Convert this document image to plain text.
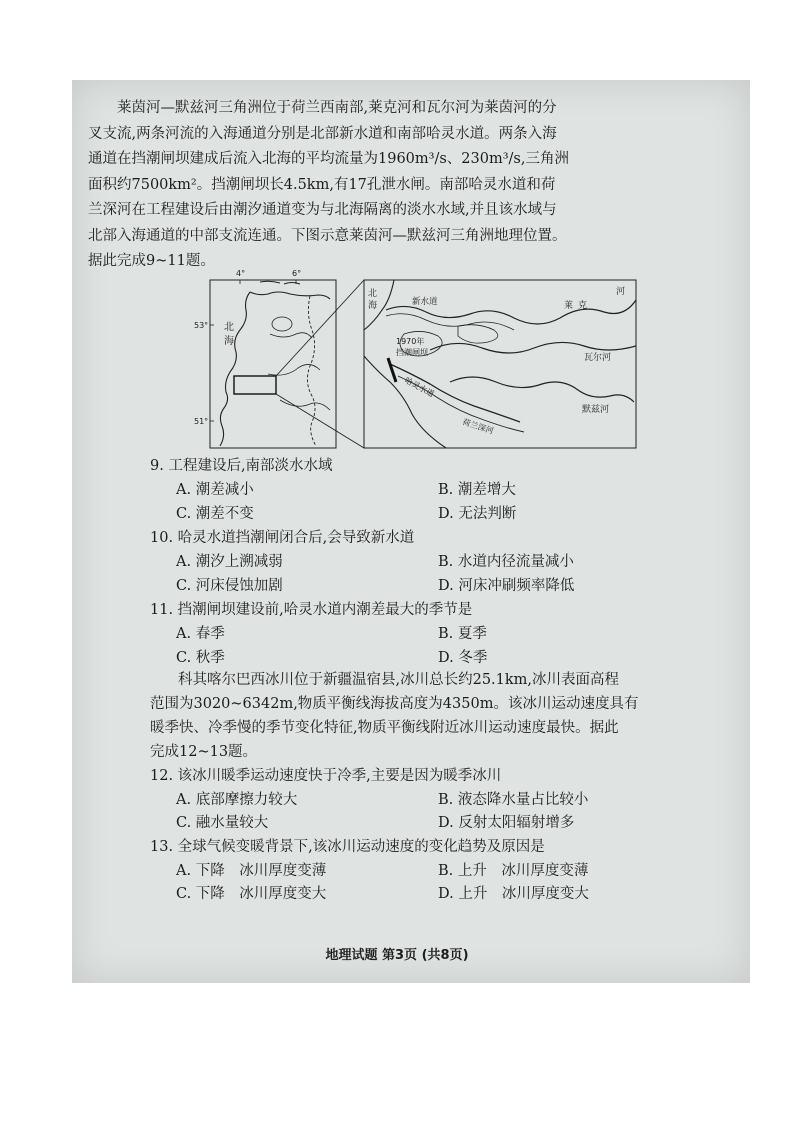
莱茵河—默兹河三角洲位于荷兰西南部,莱克河和瓦尔河为莱茵河的分

叉支流,两条河流的入海通道分别是北部新水道和南部哈灵水道。两条入海

通道在挡潮闸坝建成后流入北海的平均流量为1960m³/s、230m³/s,三角洲

面积约7500km²。挡潮闸坝长4.5km,有17孔泄水闸。南部哈灵水道和荷

兰深河在工程建设后由潮汐通道变为与北海隔离的淡水水域,并且该水域与

北部入海通道的中部支流连通。下图示意莱茵河—默兹河三角洲地理位置。

据此完成9~11题。

53°
51°
4°	6°
北
海
北
海	新水道
1970年
挡潮闸坝
哈灵水道
荷兰深河
莱 克
河
瓦尔河
默兹河
9. 工程建设后,南部淡水水域
A. 潮差减小	B. 潮差增大
C. 潮差不变	D. 无法判断
10. 哈灵水道挡潮闸闭合后,会导致新水道
A. 潮汐上溯减弱	B. 水道内径流量减小
C. 河床侵蚀加剧	D. 河床冲刷频率降低
11. 挡潮闸坝建设前,哈灵水道内潮差最大的季节是
A. 春季	B. 夏季
C. 秋季	D. 冬季

科其喀尔巴西冰川位于新疆温宿县,冰川总长约25.1km,冰川表面高程

范围为3020~6342m,物质平衡线海拔高度为4350m。该冰川运动速度具有

暖季快、冷季慢的季节变化特征,物质平衡线附近冰川运动速度最快。据此

完成12~13题。

12. 该冰川暖季运动速度快于冷季,主要是因为暖季冰川
A. 底部摩擦力较大	B. 液态降水量占比较小
C. 融水量较大	D. 反射太阳辐射增多
13. 全球气候变暖背景下,该冰川运动速度的变化趋势及原因是
A. 下降　冰川厚度变薄	B. 上升　冰川厚度变薄
C. 下降　冰川厚度变大	D. 上升　冰川厚度变大
地理试题 第3页 (共8页)
